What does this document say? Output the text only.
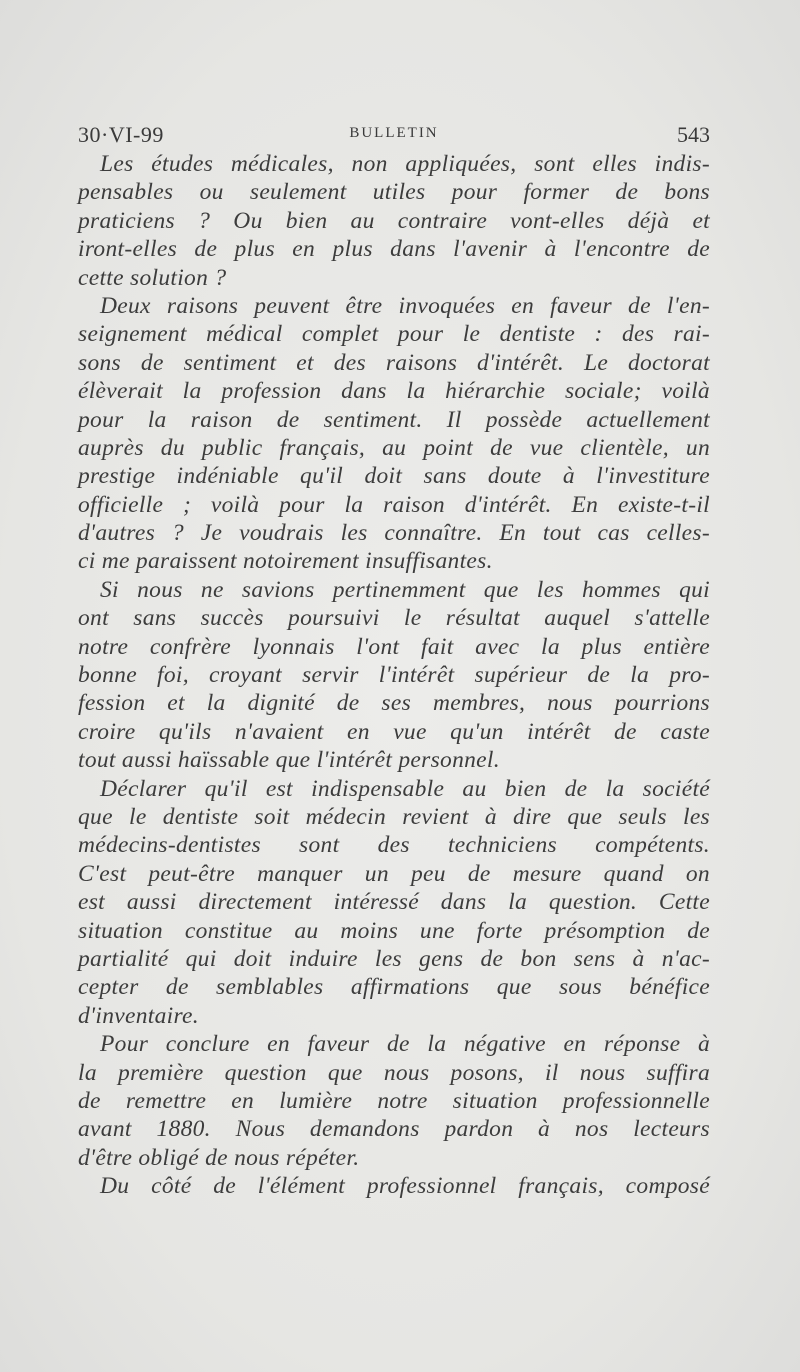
30·VI-99	BULLETIN	543
Les études médicales, non appliquées, sont elles indis-
pensables ou seulement utiles pour former de bons
praticiens ? Ou bien au contraire vont-elles déjà et
iront-elles de plus en plus dans l'avenir à l'encontre de
cette solution ?
Deux raisons peuvent être invoquées en faveur de l'en-
seignement médical complet pour le dentiste : des rai-
sons de sentiment et des raisons d'intérêt. Le doctorat
élèverait la profession dans la hiérarchie sociale; voilà
pour la raison de sentiment. Il possède actuellement
auprès du public français, au point de vue clientèle, un
prestige indéniable qu'il doit sans doute à l'investiture
officielle ; voilà pour la raison d'intérêt. En existe-t-il
d'autres ? Je voudrais les connaître. En tout cas celles-
ci me paraissent notoirement insuffisantes.
Si nous ne savions pertinemment que les hommes qui
ont sans succès poursuivi le résultat auquel s'attelle
notre confrère lyonnais l'ont fait avec la plus entière
bonne foi, croyant servir l'intérêt supérieur de la pro-
fession et la dignité de ses membres, nous pourrions
croire qu'ils n'avaient en vue qu'un intérêt de caste
tout aussi haïssable que l'intérêt personnel.
Déclarer qu'il est indispensable au bien de la société
que le dentiste soit médecin revient à dire que seuls les
médecins-dentistes sont des techniciens compétents.
C'est peut-être manquer un peu de mesure quand on
est aussi directement intéressé dans la question. Cette
situation constitue au moins une forte présomption de
partialité qui doit induire les gens de bon sens à n'ac-
cepter de semblables affirmations que sous bénéfice
d'inventaire.
Pour conclure en faveur de la négative en réponse à
la première question que nous posons, il nous suffira
de remettre en lumière notre situation professionnelle
avant 1880. Nous demandons pardon à nos lecteurs
d'être obligé de nous répéter.
Du côté de l'élément professionnel français, composé
